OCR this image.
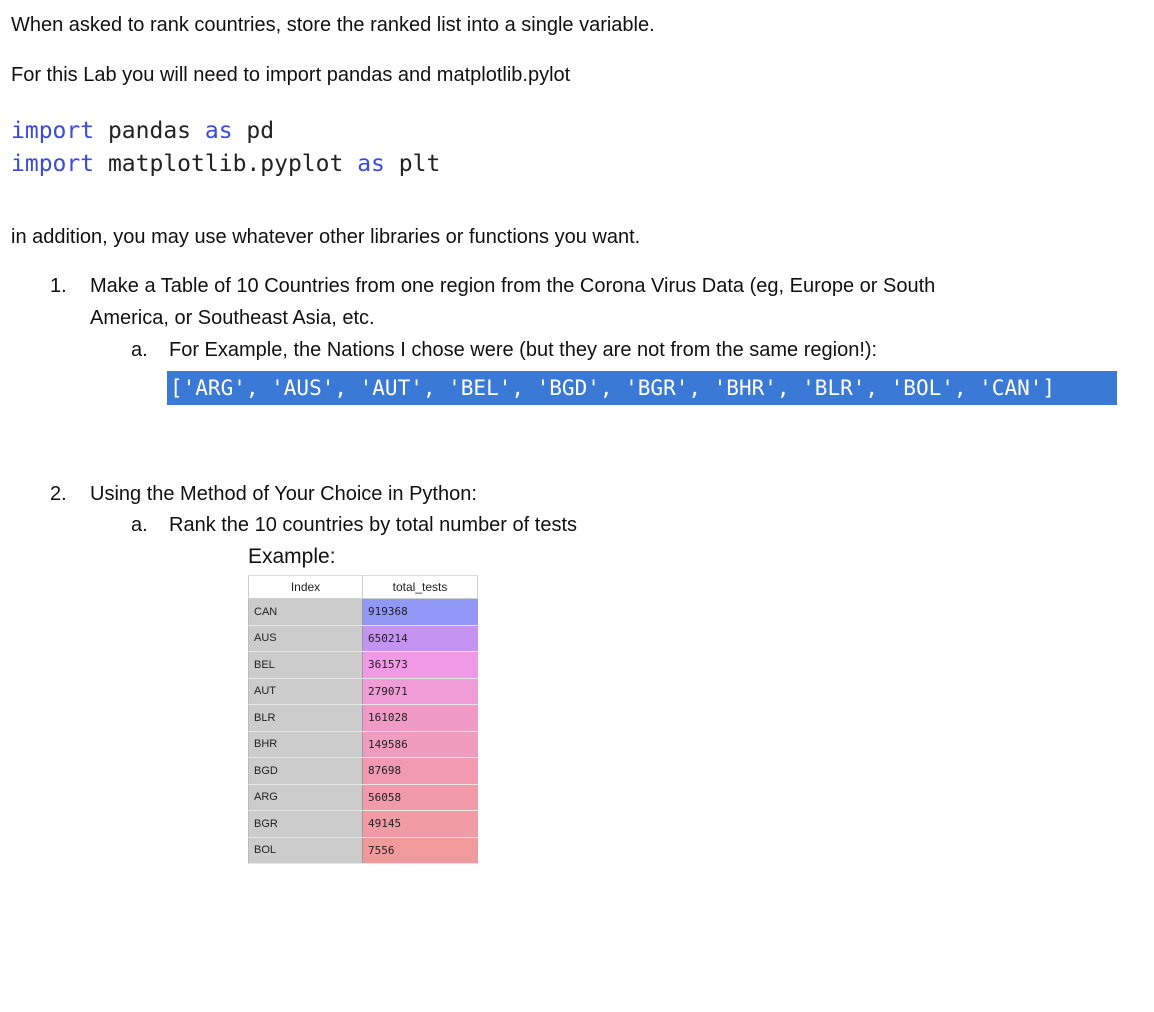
When asked to rank countries, store the ranked list into a single variable.
For this Lab you will need to import pandas and matplotlib.pylot
import pandas as pd
import matplotlib.pyplot as plt
in addition, you may use whatever other libraries or functions you want.
1. Make a Table of 10 Countries from one region from the Corona Virus Data (eg, Europe or South
America, or Southeast Asia, etc.
a. For Example, the Nations I chose were (but they are not from the same region!):
['ARG', 'AUS', 'AUT', 'BEL', 'BGD', 'BGR', 'BHR', 'BLR', 'BOL', 'CAN']
2. Using the Method of Your Choice in Python:
a. Rank the 10 countries by total number of tests
Example:
Index	total_tests
CAN	919368
AUS	650214
BEL	361573
AUT	279071
BLR	161028
BHR	149586
BGD	87698
ARG	56058
BGR	49145
BOL	7556
